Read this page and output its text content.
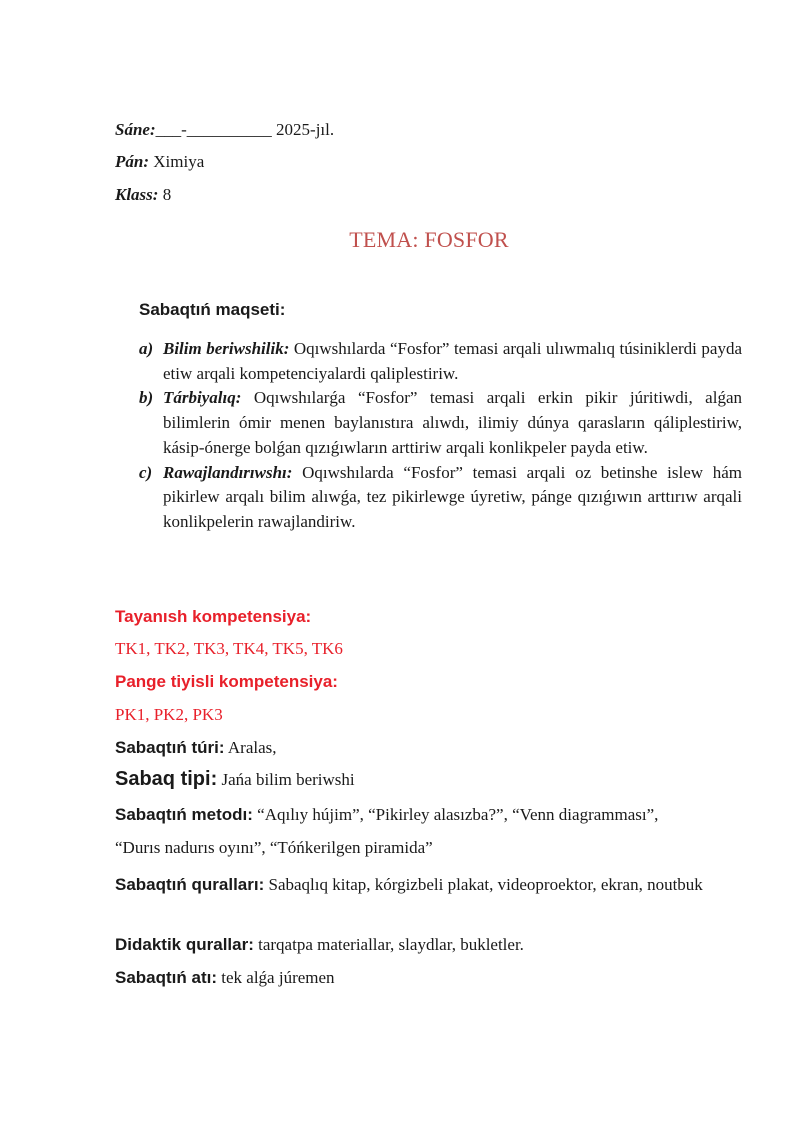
Sáne:___-__________ 2025-jıl.
Pán: Ximiya
Klass: 8
TEMA: FOSFOR
Sabaqtıń maqseti:

a) Bilim beriwshilik: Oqıwshılarda “Fosfor” temasi arqali ulıwmalıq túsiniklerdi payda etiw arqali kompetenciyalardi qaliplestiriw.

b) Tárbiyalıq: Oqıwshılarǵa “Fosfor” temasi arqali erkin pikir júritiwdi, alǵan bilimlerin ómir menen baylanıstıra alıwdı, ilimiy dúnya qarasların qáliplestiriw, kásip-ónerge bolǵan qızıǵıwların arttiriw arqali konlikpeler payda etiw.

c) Rawajlandırıwshı: Oqıwshılarda “Fosfor” temasi arqali oz betinshe islew hám pikirlew arqalı bilim alıwǵa, tez pikirlewge úyretiw, pánge qızıǵıwın arttırıw arqali konlikpelerin rawajlandiriw.

Tayanısh kompetensiya:
TK1, TK2, TK3, TK4, TK5, TK6
Pange tiyisli kompetensiya:
PK1, PK2, PK3
Sabaqtıń túri: Aralas,
Sabaq tipi: Jańa bilim beriwshi
Sabaqtıń metodı: “Aqılıy hújim”, “Pikirley alasızba?”, “Venn diagramması”,
“Durıs nadurıs oyını”, “Tóńkerilgen piramida”
Sabaqtıń quralları: Sabaqlıq kitap, kórgizbeli plakat, videoproektor, ekran, noutbuk
Didaktik qurallar: tarqatpa materiallar, slaydlar, bukletler.
Sabaqtıń atı: tek alǵa júremen
